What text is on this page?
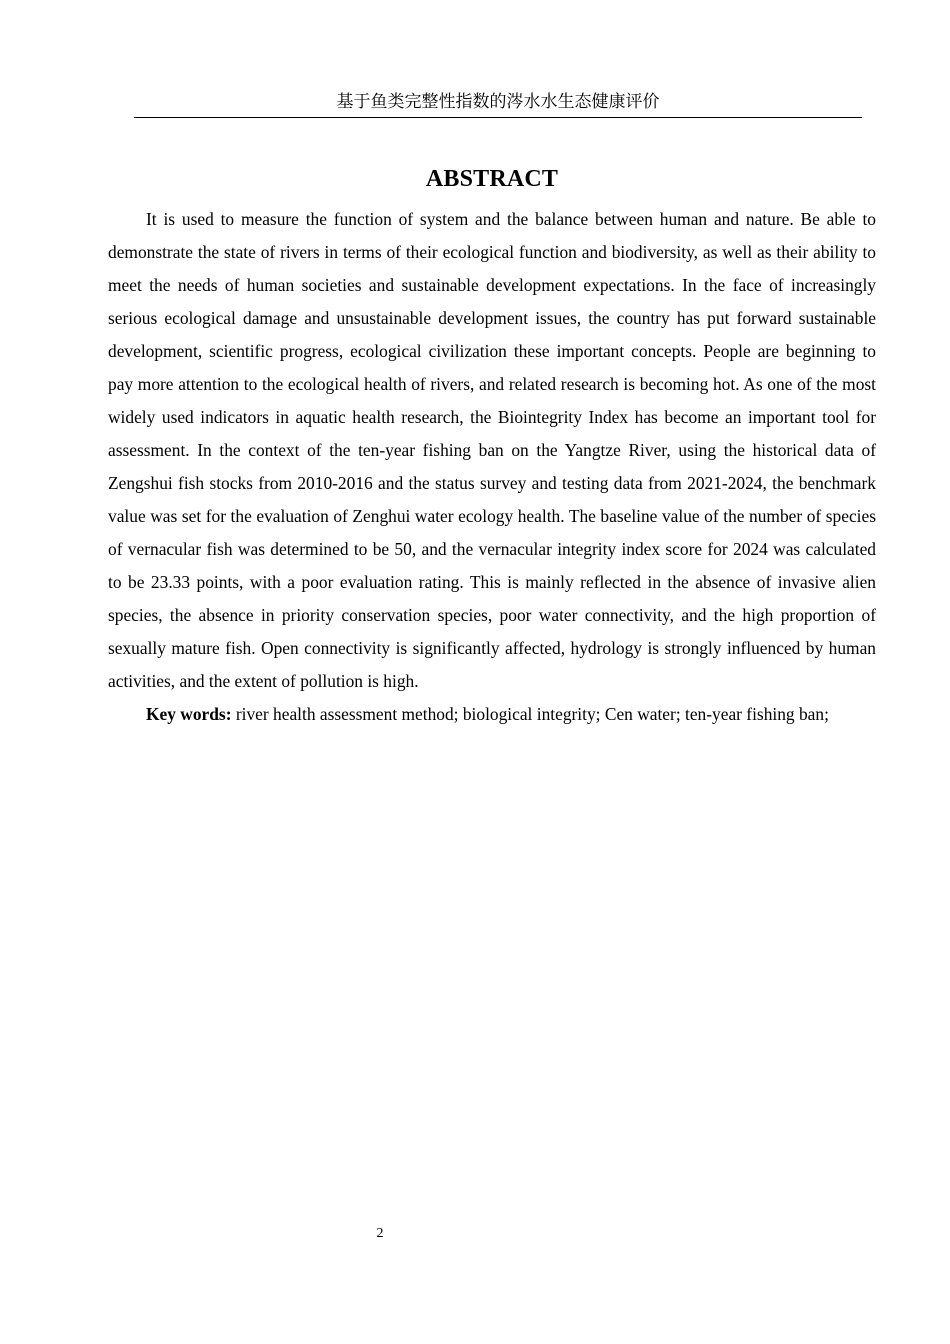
基于鱼类完整性指数的涔水水生态健康评价
ABSTRACT

It is used to measure the function of system and the balance between human and nature. Be able to demonstrate the state of rivers in terms of their ecological function and biodiversity, as well as their ability to meet the needs of human societies and sustainable development expectations. In the face of increasingly serious ecological damage and unsustainable development issues, the country has put forward sustainable development, scientific progress, ecological civilization these important concepts. People are beginning to pay more attention to the ecological health of rivers, and related research is becoming hot. As one of the most widely used indicators in aquatic health research, the Biointegrity Index has become an important tool for assessment. In the context of the ten-year fishing ban on the Yangtze River, using the historical data of Zengshui fish stocks from 2010-2016 and the status survey and testing data from 2021-2024, the benchmark value was set for the evaluation of Zenghui water ecology health. The baseline value of the number of species of vernacular fish was determined to be 50, and the vernacular integrity index score for 2024 was calculated to be 23.33 points, with a poor evaluation rating. This is mainly reflected in the absence of invasive alien species, the absence in priority conservation species, poor water connectivity, and the high proportion of sexually mature fish. Open connectivity is significantly affected, hydrology is strongly influenced by human activities, and the extent of pollution is high.

Key words: river health assessment method; biological integrity; Cen water; ten-year fishing ban;

2
